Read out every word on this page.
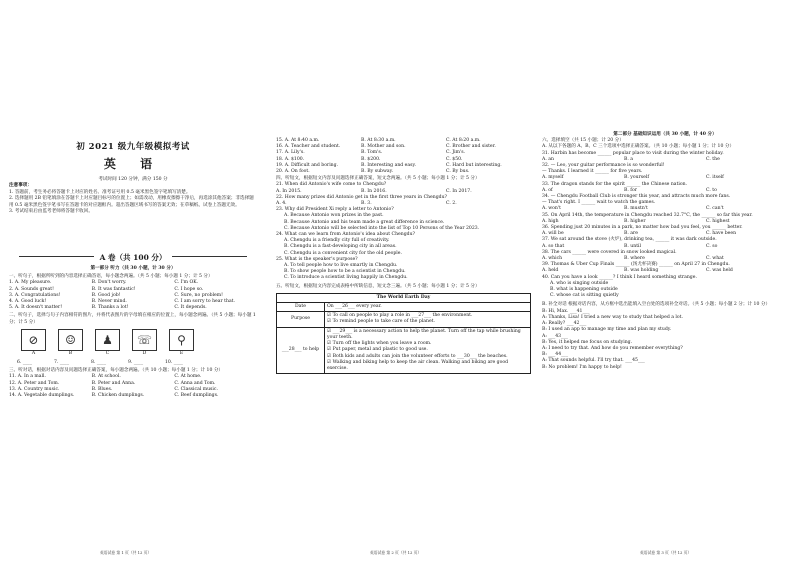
初 2021 级九年级模拟考试
英 语
考试时间 120 分钟，满分 150 分
注意事项：
1. 答题前，考生务必将答题卡上对应的姓名、准考证号用 0.5 毫米黑色签字笔填写清楚。
2. 选择题用 2B 铅笔填涂在答题卡上对应题目标号的位置上；如需改动，用橡皮擦擦干净后，再选涂其他答案；非选择题用 0.5 毫米黑色签字笔书写在答题卡的对应题框内。超出答题区域书写的答案无效；在草稿纸、试卷上答题无效。
3. 考试结束后由监考老师将答题卡收回。
A 卷（共 100 分）
第一部分 听力（共 30 小题，计 30 分）
一、听句子，根据所听到的内容选择正确答语，每小题念两遍。（共 5 小题；每小题 1 分；计 5 分）
1. A. My pleasure.	B. Don't worry.	C. I'm OK.
2. A. Sounds great!	B. It was fantastic!	C. I hope so.
3. A. Congratulations!	B. Good job!	C. Sure, no problem!
4. A. Good luck!	B. Never mind.	C. I am sorry to hear that.
5. A. It doesn't matter!	B. Thanks a lot!	C. It depends.
二、听句子，选择与句子内容相符的图片，并将代表图片的字母填在相应的位置上，每小题念两遍。（共 5 小题；每小题 1 分；计 5 分）
⊘	☺	♟	☏	⚲
A	B	C	D	E
6. ____	7. ____	8. ____	9. ____	10. ____
三、听对话，根据对话内容及问题选择正确答案，每小题念两遍。（共 10 小题；每小题 1 分；计 10 分）
11. A. In a mall.	B. At school.	C. At home.
12. A. Peter and Tom.	B. Peter and Anna.	C. Anna and Tom.
13. A. Country music.	B. Blues.	C. Classical music.
14. A. Vegetable dumplings.	B. Chicken dumplings.	C. Beef dumplings.
英语试卷 第 1 页（共 12 页）
15. A. At 8:40 a.m.	B. At 8:30 a.m.	C. At 8:20 a.m.
16. A. Teacher and student.	B. Mother and son.	C. Brother and sister.
17. A. Lily's.	B. Tom's.	C. Jim's.
18. A. $100.	B. $200.	C. $50.
19. A. Difficult and boring.	B. Interesting and easy.	C. Hard but interesting.
20. A. On foot.	B. By subway.	C. By bus.
四、听短文，根据短文内容及问题选择正确答案，短文念两遍。（共 5 小题；每小题 1 分；计 5 分）
21. When did Antonio's wife come to Chengdu?
A. In 2015.	B. In 2016.	C. In 2017.
22. How many prizes did Antonio get in the first three years in Chengdu?
A. 4.	B. 3.	C. 2.
23. Why did President Xi reply a letter to Antonio?
A. Because Antonio won prizes in the past.
B. Because Antonio and his team made a great difference in science.
C. Because Antonio will be selected into the list of Top 10 Persons of the Year 2023.
24. What can we learn from Antonio's idea about Chengdu?
A. Chengdu is a friendly city full of creativity.
B. Chengdu is a fast-developing city in all areas.
C. Chengdu is a convenient city for the old people.
25. What is the speaker's purpose?
A. To tell people how to live smartly in Chengdu.
B. To show people how to be a scientist in Chengdu.
C. To introduce a scientist living happily in Chengdu.
五、听短文，根据短文内容完成表格中所缺信息，短文念三遍。（共 5 小题；每小题 1 分；计 5 分）
The World Earth Day	
Date	On ___26___ every year.
Purpose	☑ To call on people to play a role in ___27___ the environment.
☑ To remind people to take care of the planet.

___28___ to help	☑ ___29___ is a necessary action to help the planet. Turn off the tap while brushing your teeth.
☑ Turn off the lights when you leave a room.
☑ Put paper, metal and plastic to good use.
☑ Both kids and adults can join the volunteer efforts to ___30___ the beaches.
☑ Walking and biking help to keep the air clean. Walking and biking are good exercise.
英语试卷 第 2 页（共 12 页）
第二部分 基础知识运用（共 30 小题，计 40 分）
六、选择填空（共 15 小题；计 20 分）
A. 从以下各题的 A、B、C 三个选项中选择正确答案。（共 10 小题；每小题 1 分；计 10 分）
31. Harbin has become ______ popular place to visit during the winter holiday.
A. an	B. a	C. the
32. — Leo, your guitar performance is so wonderful!
— Thanks. I learned it ______ for five years.
A. myself	B. yourself	C. itself
33. The dragon stands for the spirit ______ the Chinese nation.
A. of	B. for	C. to
34. — Chengdu Football Club is stronger this year, and attracts much more fans.
— That's right. I ______ wait to watch the games.
A. won't	B. mustn't	C. can't
35. On April 14th, the temperature in Chengdu reached 32.7°C, the ______ so far this year.
A. high	B. higher	C. highest
36. Spending just 20 minutes in a park, no matter how bad you feel, you ______ better.
A. will be	B. are	C. have been
37. We sat around the stove (火炉), drinking tea, ______ it was dark outside.
A. so that	B. until	C. so
38. The cars ______ were covered in snow looked magical.
A. which	B. where	C. what
39. Thomas & Uber Cup Finals ______ (汤尤杯决赛) ______ on April 27 in Chengdu.
A. held	B. was holding	C. was held
40. Can you have a look ______? I think I heard something strange.
A. who is singing outside
B. what is happening outside
C. whose cat is sitting quietly
B. 补全对话 根据对话内容，从方框中选出能填入空白处的选项补全对话。（共 5 小题；每小题 2 分；计 10 分）
B: Hi, Max. ___41___
A: Thanks, Lisa! I tried a new way to study that helped a lot.
A: Really? ___42___
B: I used an app to manage my time and plan my study.
A: ___43___
B: Yes, it helped me focus on studying.
A: I need to try that. And how do you remember everything?
B: ___44___
A: That sounds helpful. I'll try that. ___45___
B: No problem! I'm happy to help!
英语试卷 第 3 页（共 12 页）
